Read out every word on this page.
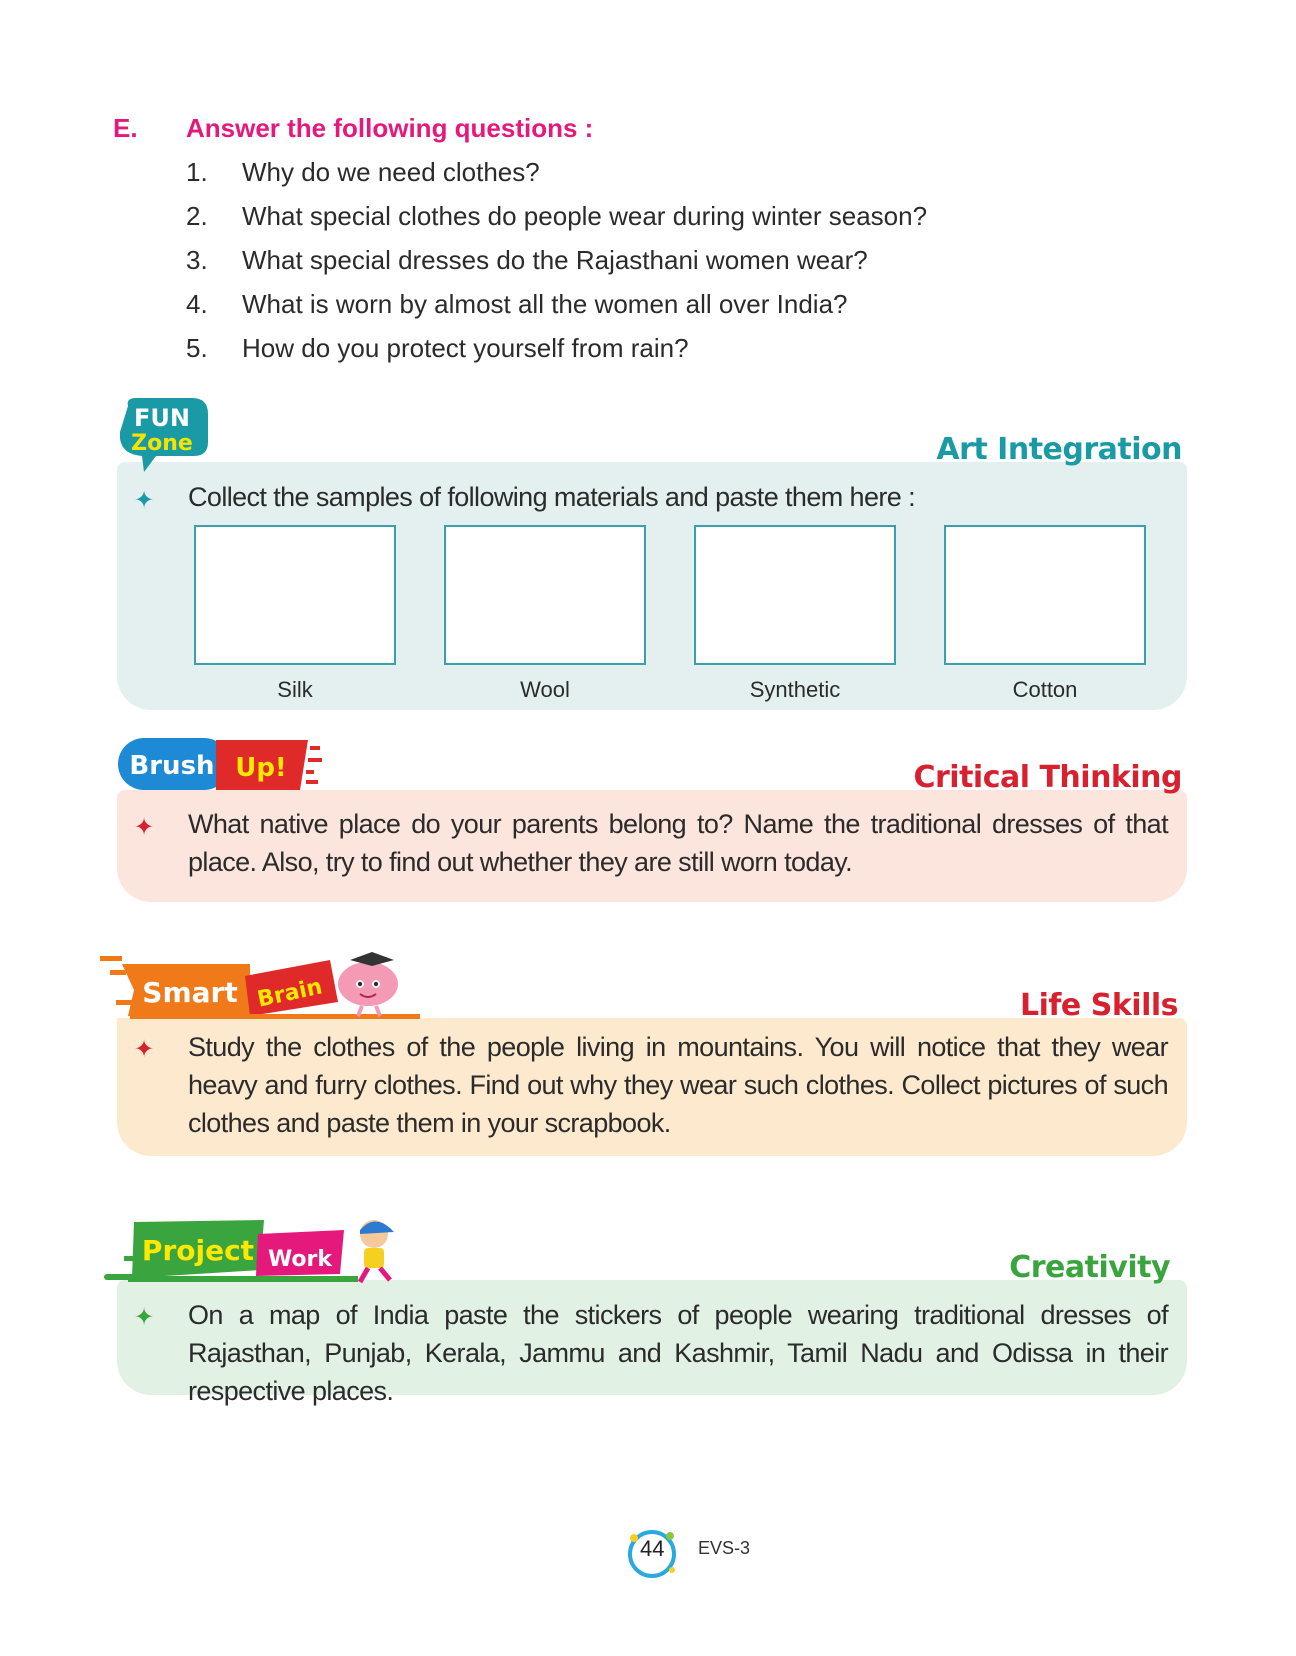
E. Answer the following questions :
1. Why do we need clothes?
2. What special clothes do people wear during winter season?
3. What special dresses do the Rajasthani women wear?
4. What is worn by almost all the women all over India?
5. How do you protect yourself from rain?
FUN
Zone	Art Integration
✦ Collect the samples of following materials and paste them here :
Silk	Wool	Synthetic	Cotton
Brush Up!	Critical Thinking
✦ What native place do your parents belong to? Name the traditional dresses of that place. Also, try to find out whether they are still worn today.
Smart Brain	Life Skills
✦ Study the clothes of the people living in mountains. You will notice that they wear heavy and furry clothes. Find out why they wear such clothes. Collect pictures of such clothes and paste them in your scrapbook.
Project Work	Creativity
✦ On a map of India paste the stickers of people wearing traditional dresses of Rajasthan, Punjab, Kerala, Jammu and Kashmir, Tamil Nadu and Odissa in their respective places.
44 EVS-3
